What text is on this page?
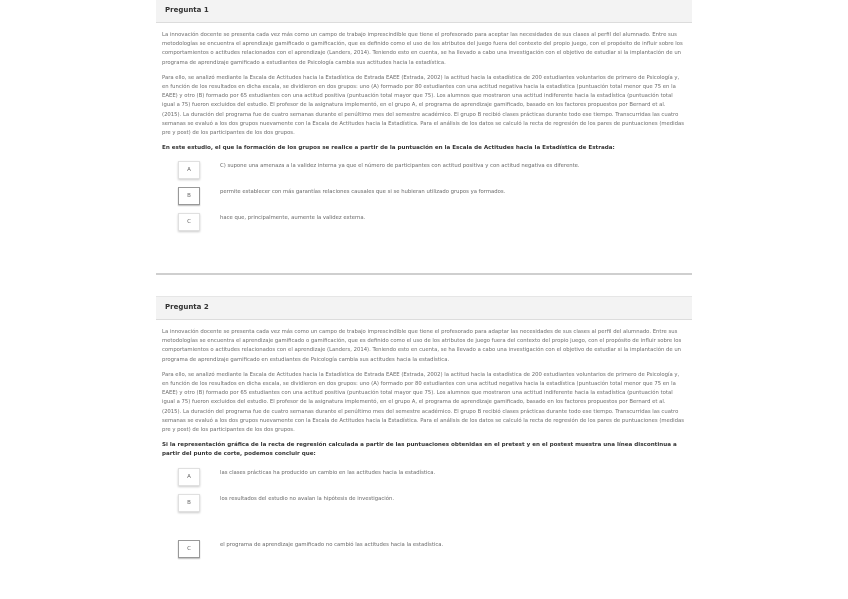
Pregunta 1

La innovación docente se presenta cada vez más como un campo de trabajo imprescindible que tiene el profesorado para aceptar las necesidades de sus clases al perfil del alumnado. Entre sus metodologías se encuentra el aprendizaje gamificado o gamificación, que es definido como el uso de los atributos del juego fuera del contexto del propio juego, con el propósito de influir sobre los comportamientos o actitudes relacionados con el aprendizaje (Landers, 2014). Teniendo esto en cuenta, se ha llevado a cabo una investigación con el objetivo de estudiar si la implantación de un programa de aprendizaje gamificado a estudiantes de Psicología cambia sus actitudes hacia la estadística.

Para ello, se analizó mediante la Escala de Actitudes hacia la Estadística de Estrada EAEE (Estrada, 2002) la actitud hacia la estadística de 200 estudiantes voluntarios de primero de Psicología y, en función de los resultados en dicha escala, se dividieron en dos grupos: uno (A) formado por 80 estudiantes con una actitud negativa hacia la estadística (puntuación total menor que 75 en la EAEE) y otro (B) formado por 65 estudiantes con una actitud positiva (puntuación total mayor que 75). Los alumnos que mostraron una actitud indiferente hacia la estadística (puntuación total igual a 75) fueron excluidos del estudio. El profesor de la asignatura implementó, en el grupo A, el programa de aprendizaje gamificado, basado en los factores propuestos por Bernard et al. (2015). La duración del programa fue de cuatro semanas durante el penúltimo mes del semestre académico. El grupo B recibió clases prácticas durante todo ese tiempo. Transcurridas las cuatro semanas se evaluó a los dos grupos nuevamente con la Escala de Actitudes hacia la Estadística. Para el análisis de los datos se calculó la recta de regresión de los pares de puntuaciones (medidas pre y post) de los participantes de los dos grupos.

En este estudio, el que la formación de los grupos se realice a partir de la puntuación en la Escala de Actitudes hacia la Estadística de Estrada:

A
C) supone una amenaza a la validez interna ya que el número de participantes con actitud positiva y con actitud negativa es diferente.
B
permite establecer con más garantías relaciones causales que si se hubieran utilizado grupos ya formados.
C
hace que, principalmente, aumente la validez externa.
Pregunta 2

La innovación docente se presenta cada vez más como un campo de trabajo imprescindible que tiene el profesorado para adaptar las necesidades de sus clases al perfil del alumnado. Entre sus metodologías se encuentra el aprendizaje gamificado o gamificación, que es definido como el uso de los atributos de juego fuera del contexto del propio juego, con el propósito de influir sobre los comportamientos o actitudes relacionados con el aprendizaje (Landers, 2014). Teniendo esto en cuenta, se ha llevado a cabo una investigación con el objetivo de estudiar si la implantación de un programa de aprendizaje gamificado en estudiantes de Psicología cambia sus actitudes hacia la estadística.

Para ello, se analizó mediante la Escala de Actitudes hacia la Estadística de Estrada EAEE (Estrada, 2002) la actitud hacia la estadística de 200 estudiantes voluntarios de primero de Psicología y, en función de los resultados en dicha escala, se dividieron en dos grupos: uno (A) formado por 80 estudiantes con una actitud negativa hacia la estadística (puntuación total menor que 75 en la EAEE) y otro (B) formado por 65 estudiantes con una actitud positiva (puntuación total mayor que 75). Los alumnos que mostraron una actitud indiferente hacia la estadística (puntuación total igual a 75) fueron excluidos del estudio. El profesor de la asignatura implementó, en el grupo A, el programa de aprendizaje gamificado, basado en los factores propuestos por Bernard et al. (2015). La duración del programa fue de cuatro semanas durante el penúltimo mes del semestre académico. El grupo B recibió clases prácticas durante todo ese tiempo. Transcurridas las cuatro semanas se evaluó a los dos grupos nuevamente con la Escala de Actitudes hacia la Estadística. Para el análisis de los datos se calculó la recta de regresión de los pares de puntuaciones (medidas pre y post) de los participantes de los dos grupos.

Si la representación gráfica de la recta de regresión calculada a partir de las puntuaciones obtenidas en el pretest y en el postest muestra una línea discontinua a partir del punto de corte, podemos concluir que:

A
las clases prácticas ha producido un cambio en las actitudes hacia la estadística.
B
los resultados del estudio no avalan la hipótesis de investigación.
C
el programa de aprendizaje gamificado no cambió las actitudes hacia la estadística.
